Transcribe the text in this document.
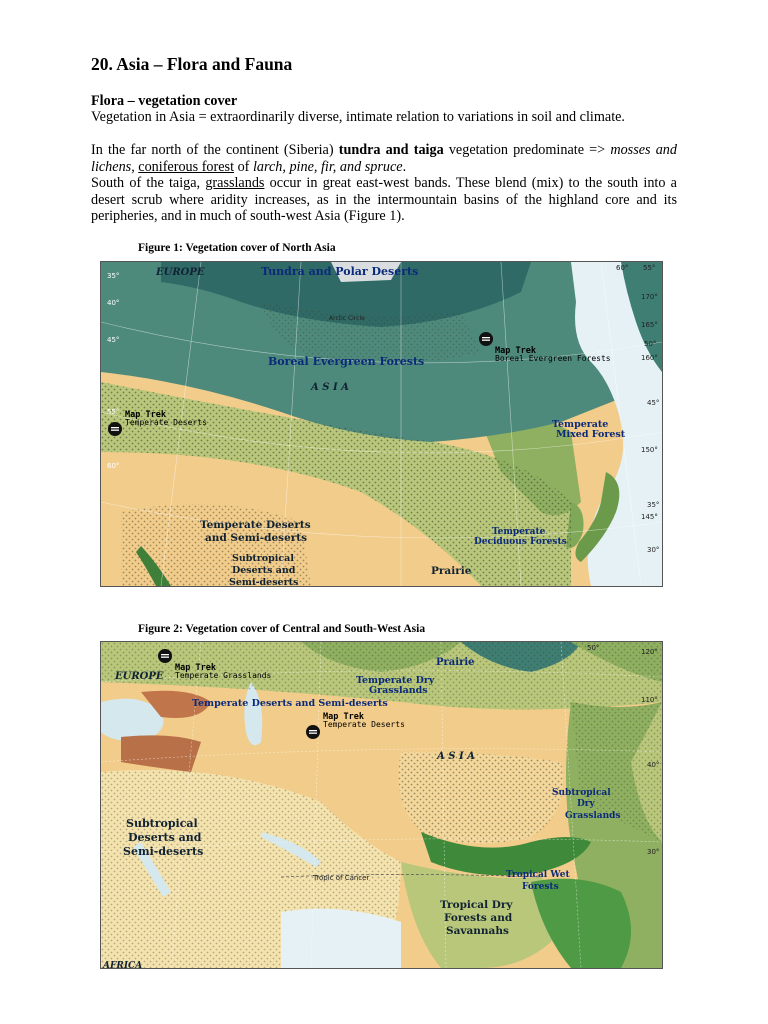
20. Asia – Flora and Fauna
Flora – vegetation cover
Vegetation in Asia = extraordinarily diverse, intimate relation to variations in soil and climate.
In the far north of the continent (Siberia) tundra and taiga vegetation predominate => mosses and lichens, coniferous forest of larch, pine, fir, and spruce.
South of the taiga, grasslands occur in great east-west bands. These blend (mix) to the south into a desert scrub where aridity increases, as in the intermountain basins of the highland core and its peripheries, and in much of south-west Asia (Figure 1).
Figure 1: Vegetation cover of North Asia
EUROPE	Tundra and Polar Deserts
Boreal Evergreen Forests
A S I A
Arctic Circle
Map Trek
Boreal Evergreen Forests
Map Trek
Temperate Deserts	Temperate
Mixed Forest
Temperate Deserts
and Semi-deserts
Subtropical
Deserts and
Semi-deserts
Temperate
Deciduous Forests
Prairie
35°
40°
45°
55°
60°
60° 55°
170°
165°
50°
160°
45°
150°
35°
145°
30°
Figure 2: Vegetation cover of Central and South-West Asia
Map Trek
Temperate Grasslands
EUROPE
Prairie
Temperate Dry
Grasslands
Temperate Deserts and Semi-deserts
Map Trek
Temperate Deserts
A S I A
Subtropical
Dry
Grasslands
Subtropical
Deserts and
Semi-deserts
Tropical Wet
Forests
Tropical Dry
Forests and
Savannahs
Tropic of Cancer
AFRICA
120°
110°
50°
40°
30°
